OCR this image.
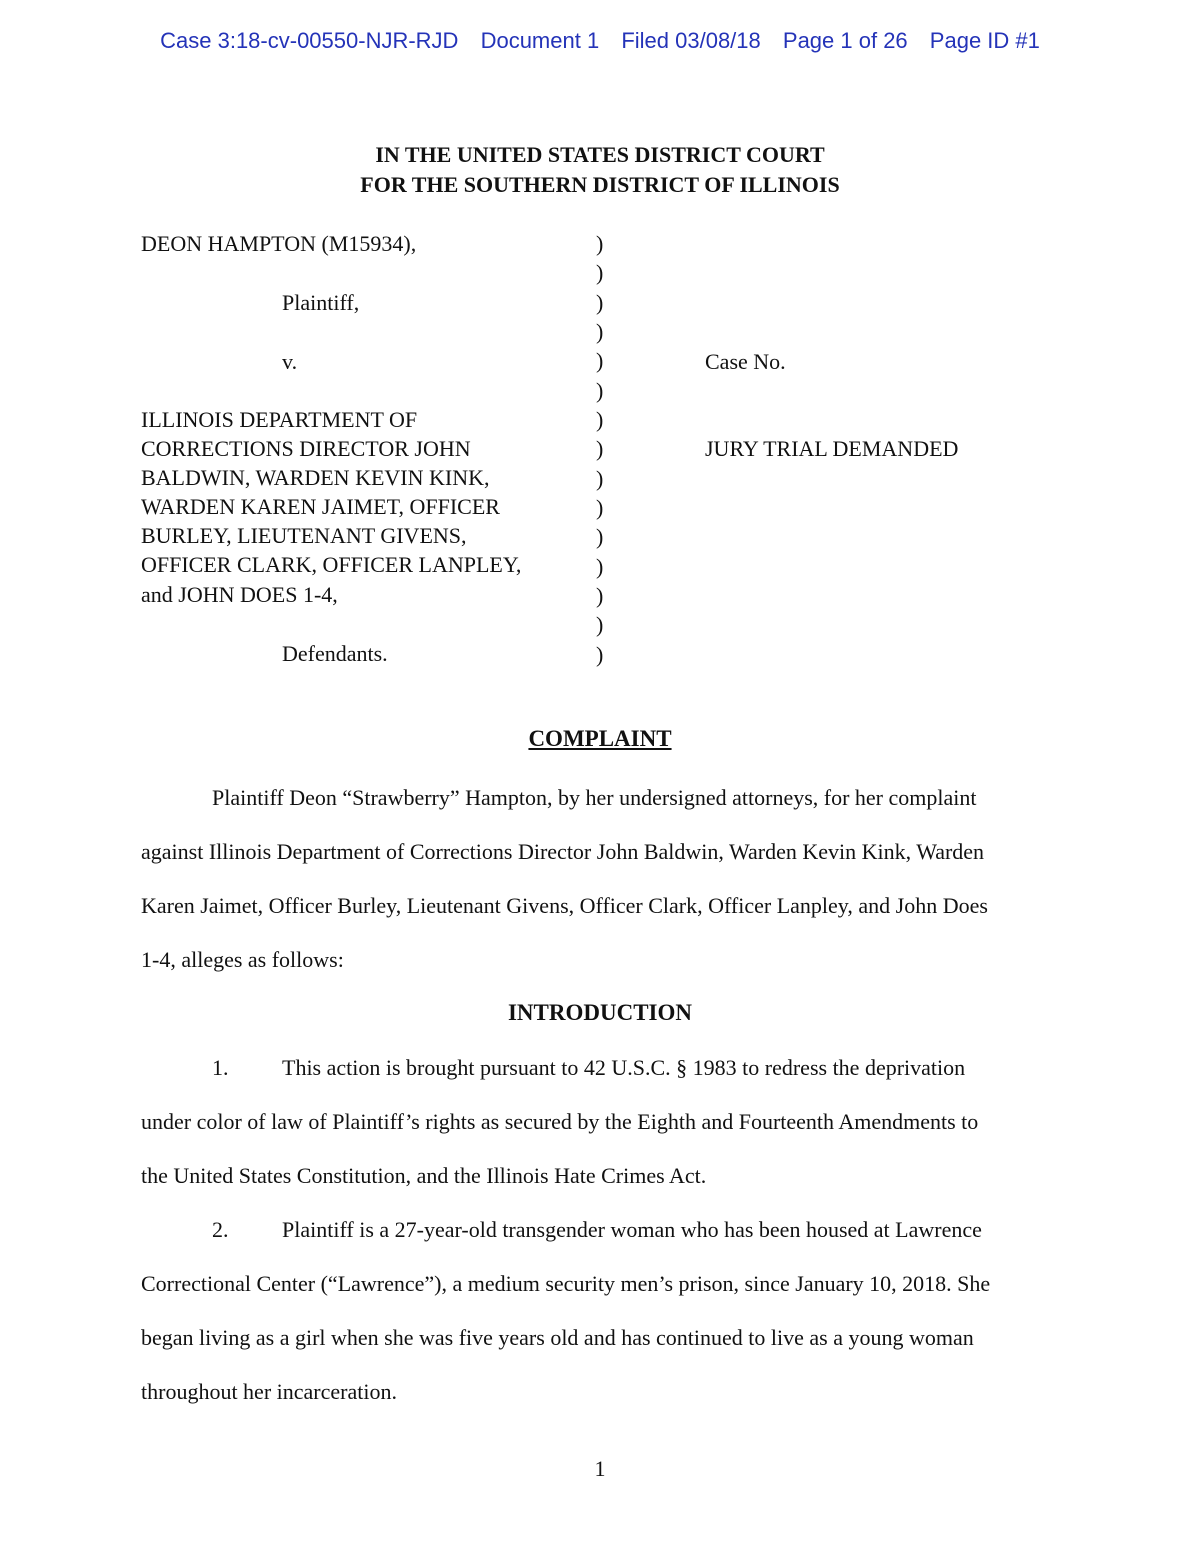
Case 3:18-cv-00550-NJR-RJD Document 1 Filed 03/08/18 Page 1 of 26 Page ID #1
IN THE UNITED STATES DISTRICT COURT
FOR THE SOUTHERN DISTRICT OF ILLINOIS
DEON HAMPTON (M15934),
Plaintiff,
v.
ILLINOIS DEPARTMENT OF
CORRECTIONS DIRECTOR JOHN
BALDWIN, WARDEN KEVIN KINK,
WARDEN KAREN JAIMET, OFFICER
BURLEY, LIEUTENANT GIVENS,
OFFICER CLARK, OFFICER LANPLEY,
and JOHN DOES 1-4,
Defendants.
)
)
)
)
)
)
)
)
)
)
)
)
)
)
)
Case No.
JURY TRIAL DEMANDED
COMPLAINT
Plaintiff Deon “Strawberry” Hampton, by her undersigned attorneys, for her complaint
against Illinois Department of Corrections Director John Baldwin, Warden Kevin Kink, Warden
Karen Jaimet, Officer Burley, Lieutenant Givens, Officer Clark, Officer Lanpley, and John Does
1-4, alleges as follows:
INTRODUCTION
1. This action is brought pursuant to 42 U.S.C. § 1983 to redress the deprivation
under color of law of Plaintiff’s rights as secured by the Eighth and Fourteenth Amendments to
the United States Constitution, and the Illinois Hate Crimes Act.
2. Plaintiff is a 27-year-old transgender woman who has been housed at Lawrence
Correctional Center (“Lawrence”), a medium security men’s prison, since January 10, 2018. She
began living as a girl when she was five years old and has continued to live as a young woman
throughout her incarceration.
1
